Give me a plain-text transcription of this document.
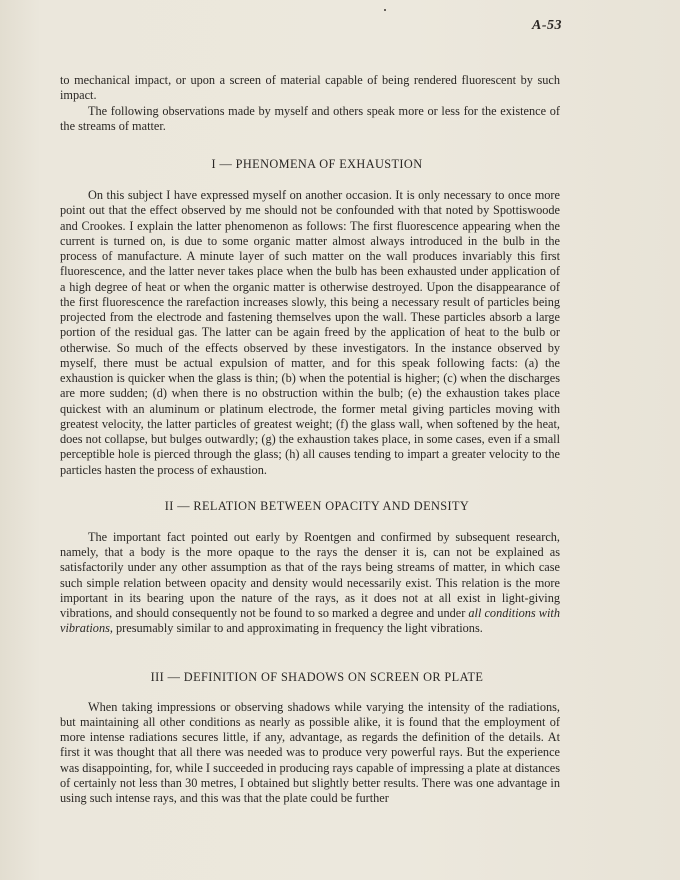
A-53

to mechanical impact, or upon a screen of material capable of being rendered fluorescent by such impact.

The following observations made by myself and others speak more or less for the existence of the streams of matter.

I — PHENOMENA OF EXHAUSTION

On this subject I have expressed myself on another occasion. It is only necessary to once more point out that the effect observed by me should not be confounded with that noted by Spottiswoode and Crookes. I explain the latter phenomenon as follows: The first fluorescence appearing when the current is turned on, is due to some organic matter almost always introduced in the bulb in the process of manufacture. A minute layer of such matter on the wall produces invariably this first fluorescence, and the latter never takes place when the bulb has been exhausted under application of a high degree of heat or when the organic matter is otherwise destroyed. Upon the disappearance of the first fluorescence the rarefaction increases slowly, this being a necessary result of particles being projected from the electrode and fastening themselves upon the wall. These particles absorb a large portion of the residual gas. The latter can be again freed by the application of heat to the bulb or otherwise. So much of the effects observed by these investigators. In the instance observed by myself, there must be actual expulsion of matter, and for this speak following facts: (a) the exhaustion is quicker when the glass is thin; (b) when the potential is higher; (c) when the discharges are more sudden; (d) when there is no obstruction within the bulb; (e) the exhaustion takes place quickest with an aluminum or platinum electrode, the former metal giving particles moving with greatest velocity, the latter particles of greatest weight; (f) the glass wall, when softened by the heat, does not collapse, but bulges outwardly; (g) the exhaustion takes place, in some cases, even if a small perceptible hole is pierced through the glass; (h) all causes tending to impart a greater velocity to the particles hasten the process of exhaustion.

II — RELATION BETWEEN OPACITY AND DENSITY

The important fact pointed out early by Roentgen and confirmed by subsequent research, namely, that a body is the more opaque to the rays the denser it is, can not be explained as satisfactorily under any other assumption as that of the rays being streams of matter, in which case such simple relation between opacity and density would necessarily exist. This relation is the more important in its bearing upon the nature of the rays, as it does not at all exist in light-giving vibrations, and should consequently not be found to so marked a degree and under all conditions with vibrations, presumably similar to and approximating in frequency the light vibrations.

III — DEFINITION OF SHADOWS ON SCREEN OR PLATE

When taking impressions or observing shadows while varying the intensity of the radiations, but maintaining all other conditions as nearly as possible alike, it is found that the employment of more intense radiations secures little, if any, advantage, as regards the definition of the details. At first it was thought that all there was needed was to produce very powerful rays. But the experience was disappointing, for, while I succeeded in producing rays capable of impressing a plate at distances of certainly not less than 30 metres, I obtained but slightly better results. There was one advantage in using such intense rays, and this was that the plate could be further
